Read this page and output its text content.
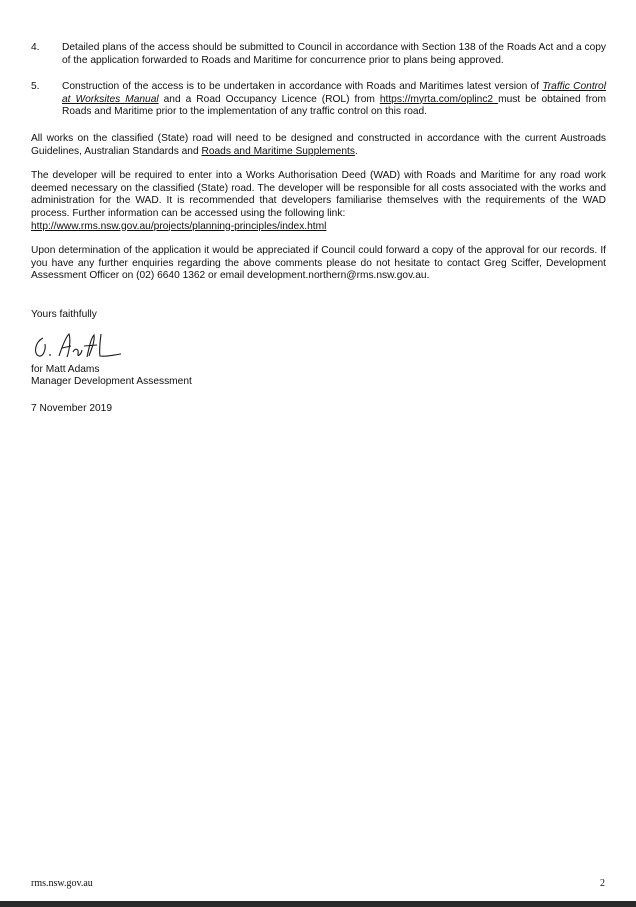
4.	Detailed plans of the access should be submitted to Council in accordance with Section 138 of the Roads Act and a copy of the application forwarded to Roads and Maritime for concurrence prior to plans being approved.
5.	Construction of the access is to be undertaken in accordance with Roads and Maritimes latest version of Traffic Control at Worksites Manual and a Road Occupancy Licence (ROL) from https://myrta.com/oplinc2 must be obtained from Roads and Maritime prior to the implementation of any traffic control on this road.

All works on the classified (State) road will need to be designed and constructed in accordance with the current Austroads Guidelines, Australian Standards and Roads and Maritime Supplements.

The developer will be required to enter into a Works Authorisation Deed (WAD) with Roads and Maritime for any road work deemed necessary on the classified (State) road. The developer will be responsible for all costs associated with the works and administration for the WAD. It is recommended that developers familiarise themselves with the requirements of the WAD process. Further information can be accessed using the following link:
http://www.rms.nsw.gov.au/projects/planning-principles/index.html

Upon determination of the application it would be appreciated if Council could forward a copy of the approval for our records. If you have any further enquiries regarding the above comments please do not hesitate to contact Greg Sciffer, Development Assessment Officer on (02) 6640 1362 or email development.northern@rms.nsw.gov.au.

Yours faithfully
for Matt Adams
Manager Development Assessment
7 November 2019
rms.nsw.gov.au	2
